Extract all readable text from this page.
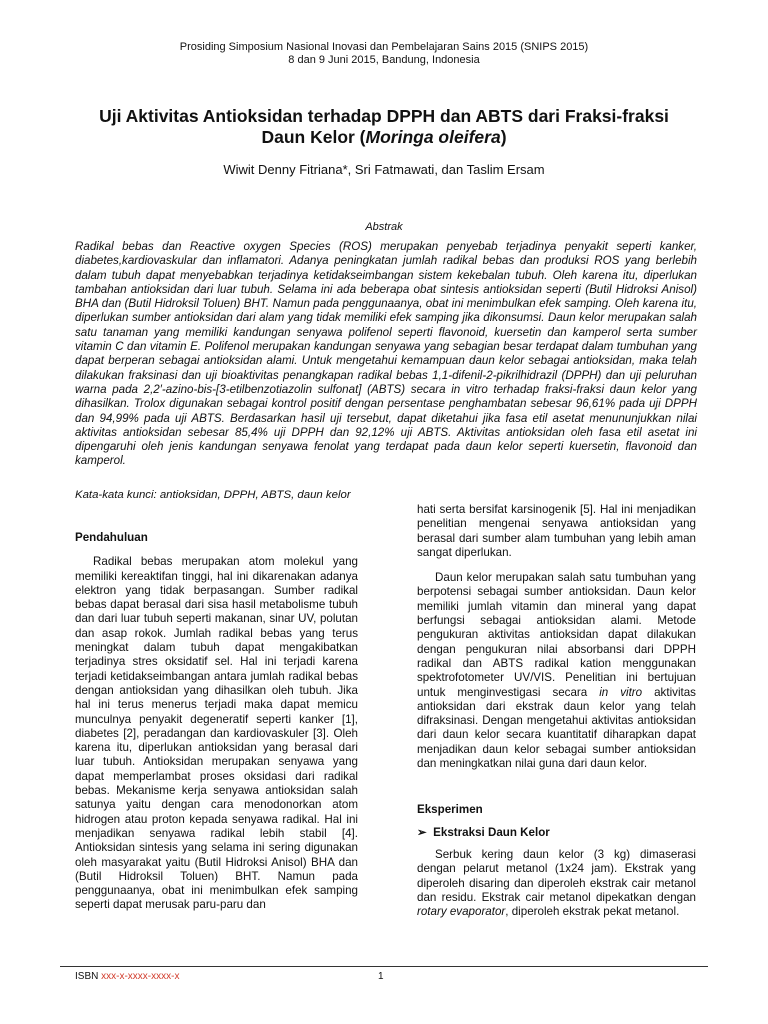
Prosiding Simposium Nasional Inovasi dan Pembelajaran Sains 2015 (SNIPS 2015)
8 dan 9 Juni 2015, Bandung, Indonesia
Uji Aktivitas Antioksidan terhadap DPPH dan ABTS dari Fraksi-fraksi
Daun Kelor (Moringa oleifera)
Wiwit Denny Fitriana*, Sri Fatmawati, dan Taslim Ersam
Abstrak
Radikal bebas dan Reactive oxygen Species (ROS) merupakan penyebab terjadinya penyakit seperti kanker, diabetes,kardiovaskular dan inflamatori. Adanya peningkatan jumlah radikal bebas dan produksi ROS yang berlebih dalam tubuh dapat menyebabkan terjadinya ketidakseimbangan sistem kekebalan tubuh. Oleh karena itu, diperlukan tambahan antioksidan dari luar tubuh. Selama ini ada beberapa obat sintesis antioksidan seperti (Butil Hidroksi Anisol) BHA dan (Butil Hidroksil Toluen) BHT. Namun pada penggunaanya, obat ini menimbulkan efek samping. Oleh karena itu, diperlukan sumber antioksidan dari alam yang tidak memiliki efek samping jika dikonsumsi. Daun kelor merupakan salah satu tanaman yang memiliki kandungan senyawa polifenol seperti flavonoid, kuersetin dan kamperol serta sumber vitamin C dan vitamin E. Polifenol merupakan kandungan senyawa yang sebagian besar terdapat dalam tumbuhan yang dapat berperan sebagai antioksidan alami. Untuk mengetahui kemampuan daun kelor sebagai antioksidan, maka telah dilakukan fraksinasi dan uji bioaktivitas penangkapan radikal bebas 1,1-difenil-2-pikrilhidrazil (DPPH) dan uji peluruhan warna pada 2,2′-azino-bis-[3-etilbenzotiazolin sulfonat] (ABTS) secara in vitro terhadap fraksi-fraksi daun kelor yang dihasilkan. Trolox digunakan sebagai kontrol positif dengan persentase penghambatan sebesar 96,61% pada uji DPPH dan 94,99% pada uji ABTS. Berdasarkan hasil uji tersebut, dapat diketahui jika fasa etil asetat menununjukkan nilai aktivitas antioksidan sebesar 85,4% uji DPPH dan 92,12% uji ABTS. Aktivitas antioksidan oleh fasa etil asetat ini dipengaruhi oleh jenis kandungan senyawa fenolat yang terdapat pada daun kelor seperti kuersetin, flavonoid dan kamperol.
Kata-kata kunci: antioksidan, DPPH, ABTS, daun kelor

Pendahuluan

Radikal bebas merupakan atom molekul yang memiliki kereaktifan tinggi, hal ini dikarenakan adanya elektron yang tidak berpasangan. Sumber radikal bebas dapat berasal dari sisa hasil metabolisme tubuh dan dari luar tubuh seperti makanan, sinar UV, polutan dan asap rokok. Jumlah radikal bebas yang terus meningkat dalam tubuh dapat mengakibatkan terjadinya stres oksidatif sel. Hal ini terjadi karena terjadi ketidakseimbangan antara jumlah radikal bebas dengan antioksidan yang dihasilkan oleh tubuh. Jika hal ini terus menerus terjadi maka dapat memicu munculnya penyakit degeneratif seperti kanker [1], diabetes [2], peradangan dan kardiovaskuler [3]. Oleh karena itu, diperlukan antioksidan yang berasal dari luar tubuh. Antioksidan merupakan senyawa yang dapat memperlambat proses oksidasi dari radikal bebas. Mekanisme kerja senyawa antioksidan salah satunya yaitu dengan cara menodonorkan atom hidrogen atau proton kepada senyawa radikal. Hal ini menjadikan senyawa radikal lebih stabil [4]. Antioksidan sintesis yang selama ini sering digunakan oleh masyarakat yaitu (Butil Hidroksi Anisol) BHA dan (Butil Hidroksil Toluen) BHT. Namun pada penggunaanya, obat ini menimbulkan efek samping seperti dapat merusak paru-paru dan

hati serta bersifat karsinogenik [5]. Hal ini menjadikan penelitian mengenai senyawa antioksidan yang berasal dari sumber alam tumbuhan yang lebih aman sangat diperlukan.

Daun kelor merupakan salah satu tumbuhan yang berpotensi sebagai sumber antioksidan. Daun kelor memiliki jumlah vitamin dan mineral yang dapat berfungsi sebagai antioksidan alami. Metode pengukuran aktivitas antioksidan dapat dilakukan dengan pengukuran nilai absorbansi dari DPPH radikal dan ABTS radikal kation menggunakan spektrofotometer UV/VIS. Penelitian ini bertujuan untuk menginvestigasi secara in vitro aktivitas antioksidan dari ekstrak daun kelor yang telah difraksinasi. Dengan mengetahui aktivitas antioksidan dari daun kelor secara kuantitatif diharapkan dapat menjadikan daun kelor sebagai sumber antioksidan dan meningkatkan nilai guna dari daun kelor.

Eksperimen

➢ Ekstraksi Daun Kelor

Serbuk kering daun kelor (3 kg) dimaserasi dengan pelarut metanol (1x24 jam). Ekstrak yang diperoleh disaring dan diperoleh ekstrak cair metanol dan residu. Ekstrak cair metanol dipekatkan dengan rotary evaporator, diperoleh ekstrak pekat metanol.

ISBN xxx-x-xxxx-xxxx-x	1
